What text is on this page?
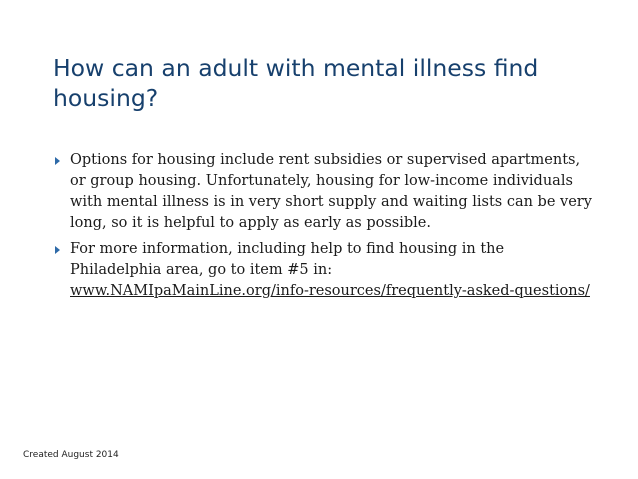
How can an adult with mental illness find housing?
Options for housing include rent subsidies or supervised apartments, or group housing. Unfortunately, housing for low-income individuals with mental illness is in very short supply and waiting lists can be very long, so it is helpful to apply as early as possible.
For more information, including help to find housing in the Philadelphia area, go to item #5 in:
www.NAMIpaMainLine.org/info-resources/frequently-asked-questions/
Created August 2014
